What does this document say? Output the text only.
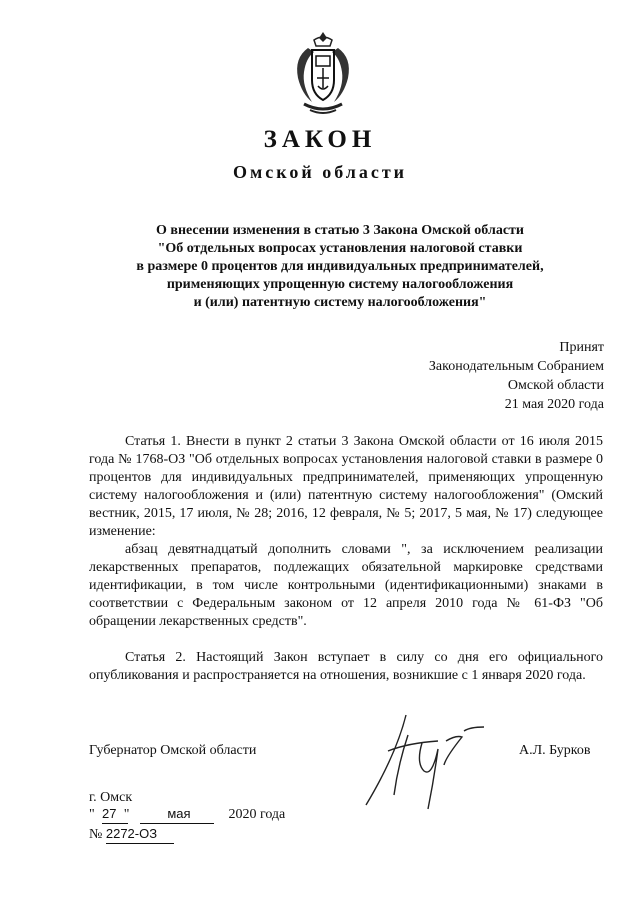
ЗАКОН
Омской области
О внесении изменения в статью 3 Закона Омской области
"Об отдельных вопросах установления налоговой ставки
в размере 0 процентов для индивидуальных предпринимателей,
применяющих упрощенную систему налогообложения
и (или) патентную систему налогообложения"
Принят
Законодательным Собранием
Омской области
21 мая 2020 года

Статья 1. Внести в пункт 2 статьи 3 Закона Омской области от 16 июля 2015 года № 1768-ОЗ "Об отдельных вопросах установления налоговой ставки в размере 0 процентов для индивидуальных предпринимателей, применяющих упрощенную систему налогообложения и (или) патентную систему налогообложения" (Омский вестник, 2015, 17 июля, № 28; 2016, 12 февраля, № 5; 2017, 5 мая, № 17) следующее изменение:

абзац девятнадцатый дополнить словами ", за исключением реализации лекарственных препаратов, подлежащих обязательной маркировке средствами идентификации, в том числе контрольными (идентификационными) знаками в соответствии с Федеральным законом от 12 апреля 2010 года № 61-ФЗ "Об обращении лекарственных средств".

Статья 2. Настоящий Закон вступает в силу со дня его официального опубликования и распространяется на отношения, возникшие с 1 января 2020 года.

Губернатор Омской области	А.Л. Бурков
г. Омск
" 27 "	мая	2020 года
№ 2272-ОЗ
